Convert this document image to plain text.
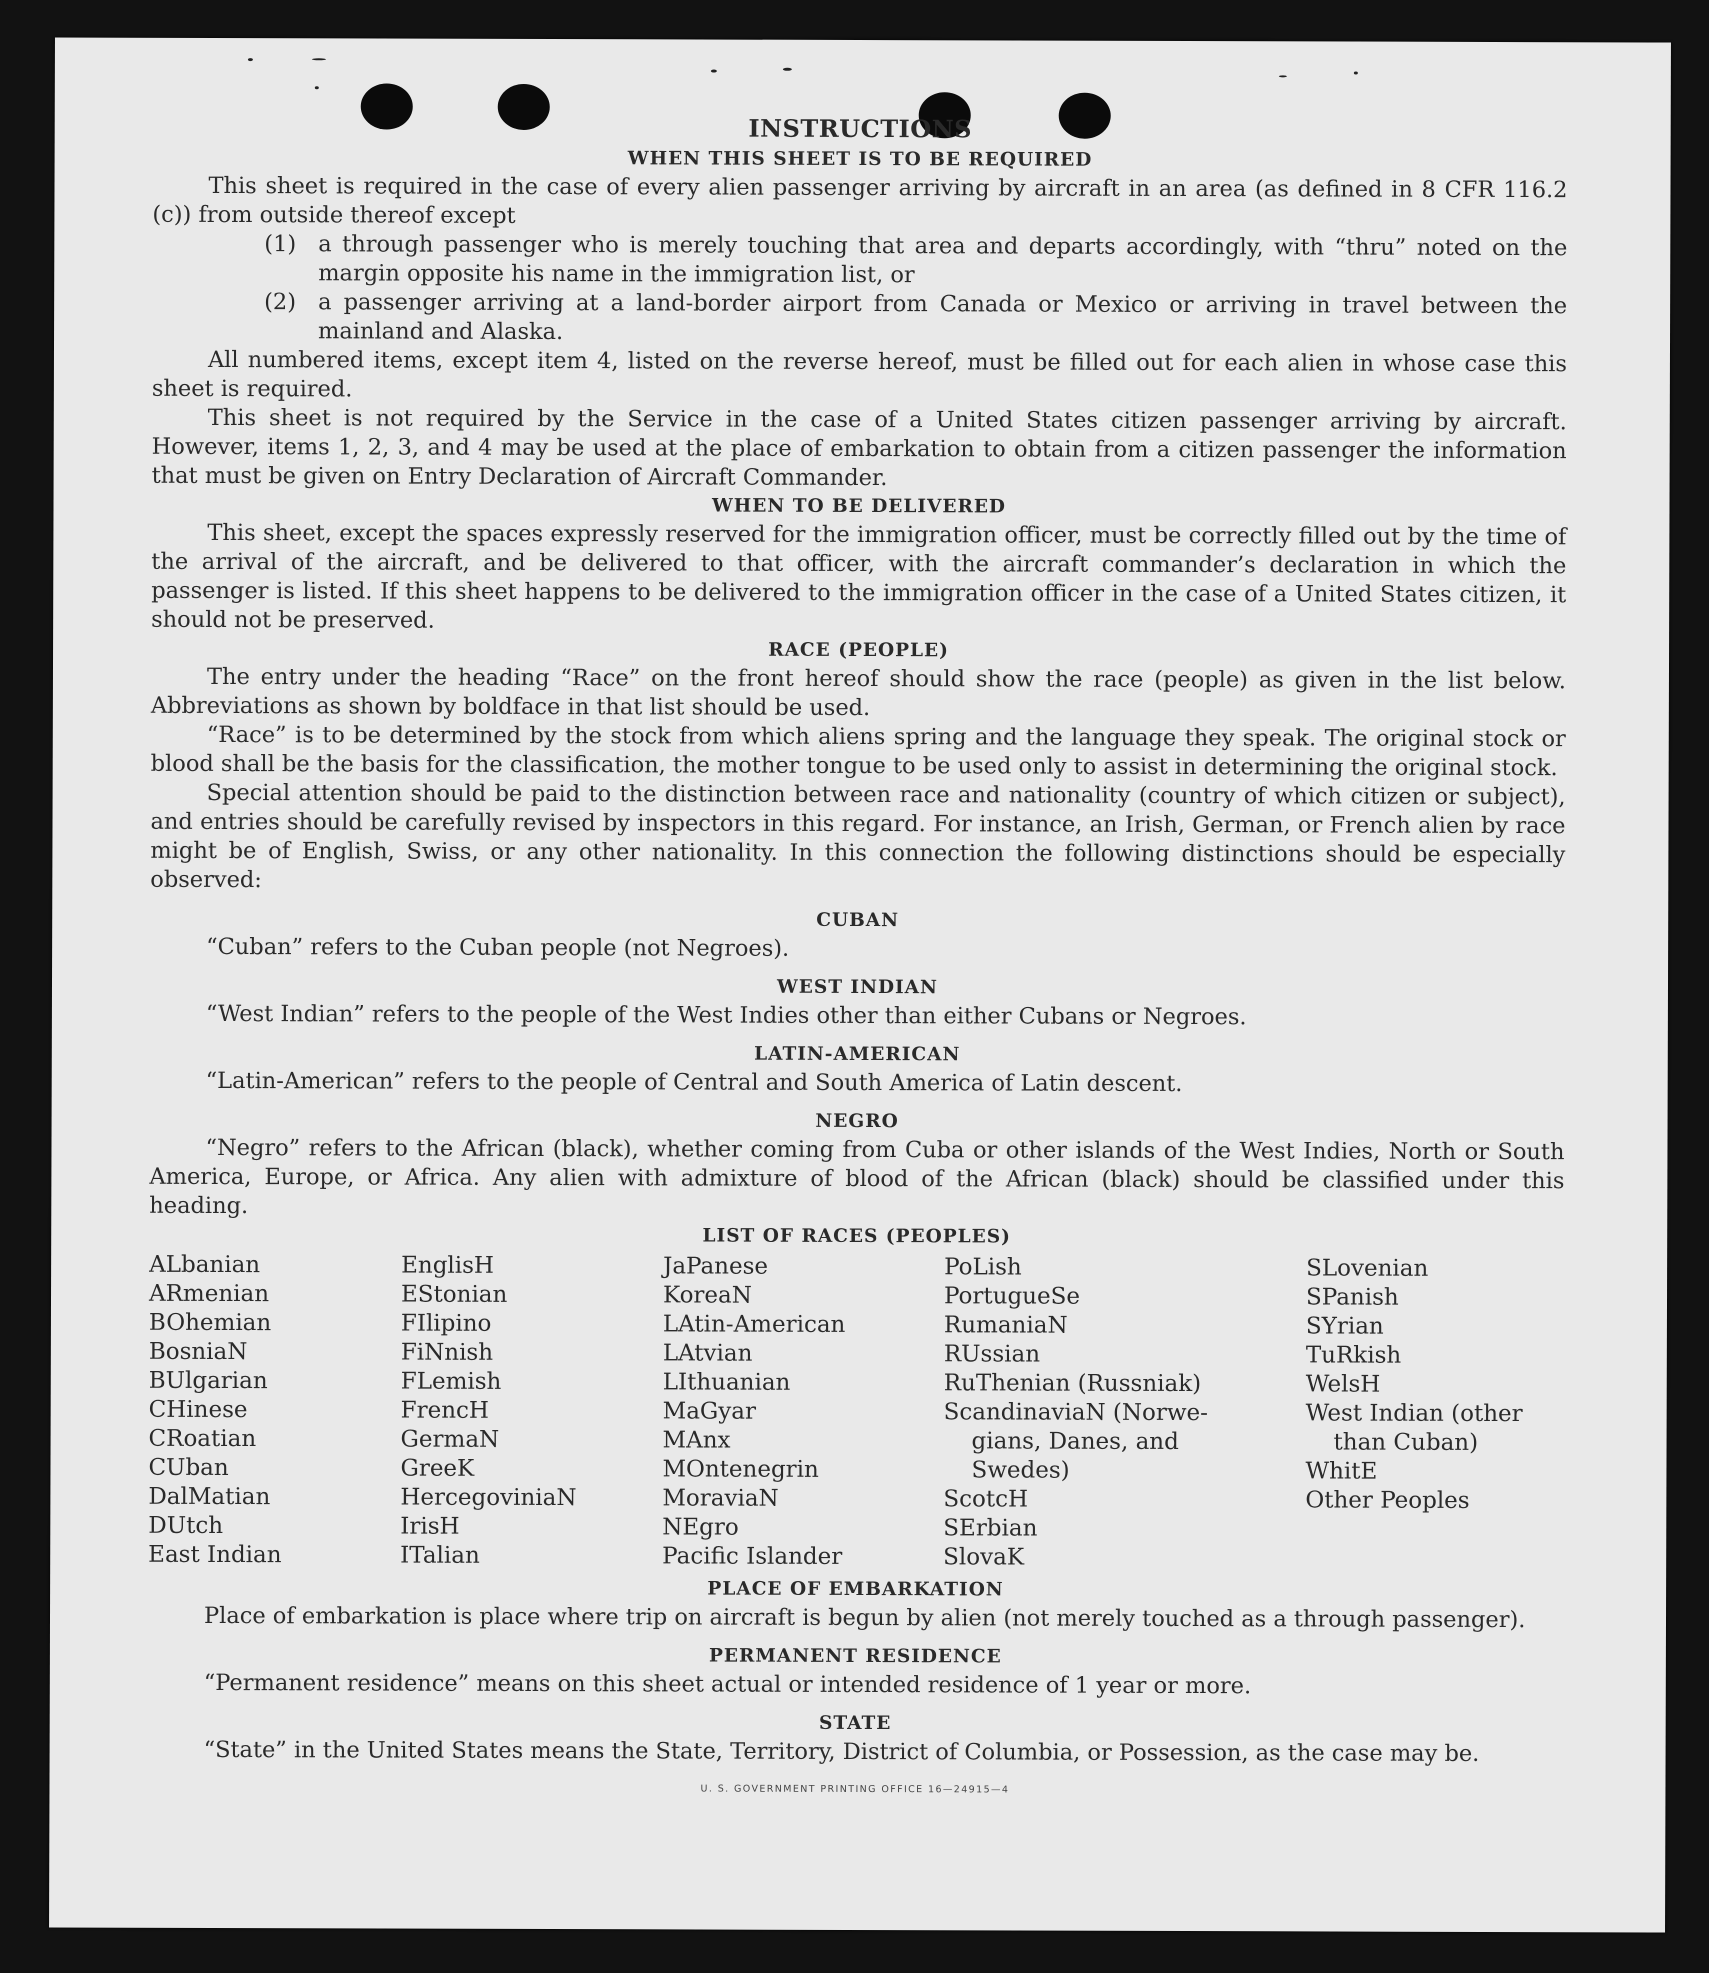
INSTRUCTIONS
WHEN THIS SHEET IS TO BE REQUIRED

This sheet is required in the case of every alien passenger arriving by aircraft in an area (as defined in 8 CFR 116.2 (c)) from outside thereof except

(1) a through passenger who is merely touching that area and departs accordingly, with “thru” noted on the margin opposite his name in the immigration list, or
(2) a passenger arriving at a land-border airport from Canada or Mexico or arriving in travel between the mainland and Alaska.

All numbered items, except item 4, listed on the reverse hereof, must be filled out for each alien in whose case this sheet is required.

This sheet is not required by the Service in the case of a United States citizen passenger arriving by aircraft. However, items 1, 2, 3, and 4 may be used at the place of embarkation to obtain from a citizen passenger the information that must be given on Entry Declaration of Aircraft Commander.

WHEN TO BE DELIVERED

This sheet, except the spaces expressly reserved for the immigration officer, must be correctly filled out by the time of the arrival of the aircraft, and be delivered to that officer, with the aircraft commander’s declaration in which the passenger is listed. If this sheet happens to be delivered to the immigration officer in the case of a United States citizen, it should not be preserved.

RACE (PEOPLE)

The entry under the heading “Race” on the front hereof should show the race (people) as given in the list below. Abbreviations as shown by boldface in that list should be used.

“Race” is to be determined by the stock from which aliens spring and the language they speak. The original stock or blood shall be the basis for the classification, the mother tongue to be used only to assist in determining the original stock.

Special attention should be paid to the distinction between race and nationality (country of which citizen or subject), and entries should be carefully revised by inspectors in this regard. For instance, an Irish, German, or French alien by race might be of English, Swiss, or any other nationality. In this connection the following distinctions should be especially observed:

CUBAN

“Cuban” refers to the Cuban people (not Negroes).

WEST INDIAN

“West Indian” refers to the people of the West Indies other than either Cubans or Negroes.

LATIN-AMERICAN

“Latin-American” refers to the people of Central and South America of Latin descent.

NEGRO

“Negro” refers to the African (black), whether coming from Cuba or other islands of the West Indies, North or South America, Europe, or Africa. Any alien with admixture of blood of the African (black) should be classified under this heading.

LIST OF RACES (PEOPLES)
ALbanian
ARmenian
BOhemian
BosniaN
BUlgarian
CHinese
CRoatian
CUban
DalMatian
DUtch
East Indian
EnglisH
EStonian
FIlipino
FiNnish
FLemish
FrencH
GermaN
GreeK
HercegoviniaN
IrisH
ITalian
JaPanese
KoreaN
LAtin-American
LAtvian
LIthuanian
MaGyar
MAnx
MOntenegrin
MoraviaN
NEgro
Pacific Islander
PoLish
PortugueSe
RumaniaN
RUssian
RuThenian (Russniak)
ScandinaviaN (Norwe-
gians, Danes, and
Swedes)
ScotcH
SErbian
SlovaK
SLovenian
SPanish
SYrian
TuRkish
WelsH
West Indian (other
than Cuban)
WhitE
Other Peoples
PLACE OF EMBARKATION

Place of embarkation is place where trip on aircraft is begun by alien (not merely touched as a through passenger).

PERMANENT RESIDENCE

“Permanent residence” means on this sheet actual or intended residence of 1 year or more.

STATE

“State” in the United States means the State, Territory, District of Columbia, or Possession, as the case may be.

U. S. GOVERNMENT PRINTING OFFICE 16—24915—4
